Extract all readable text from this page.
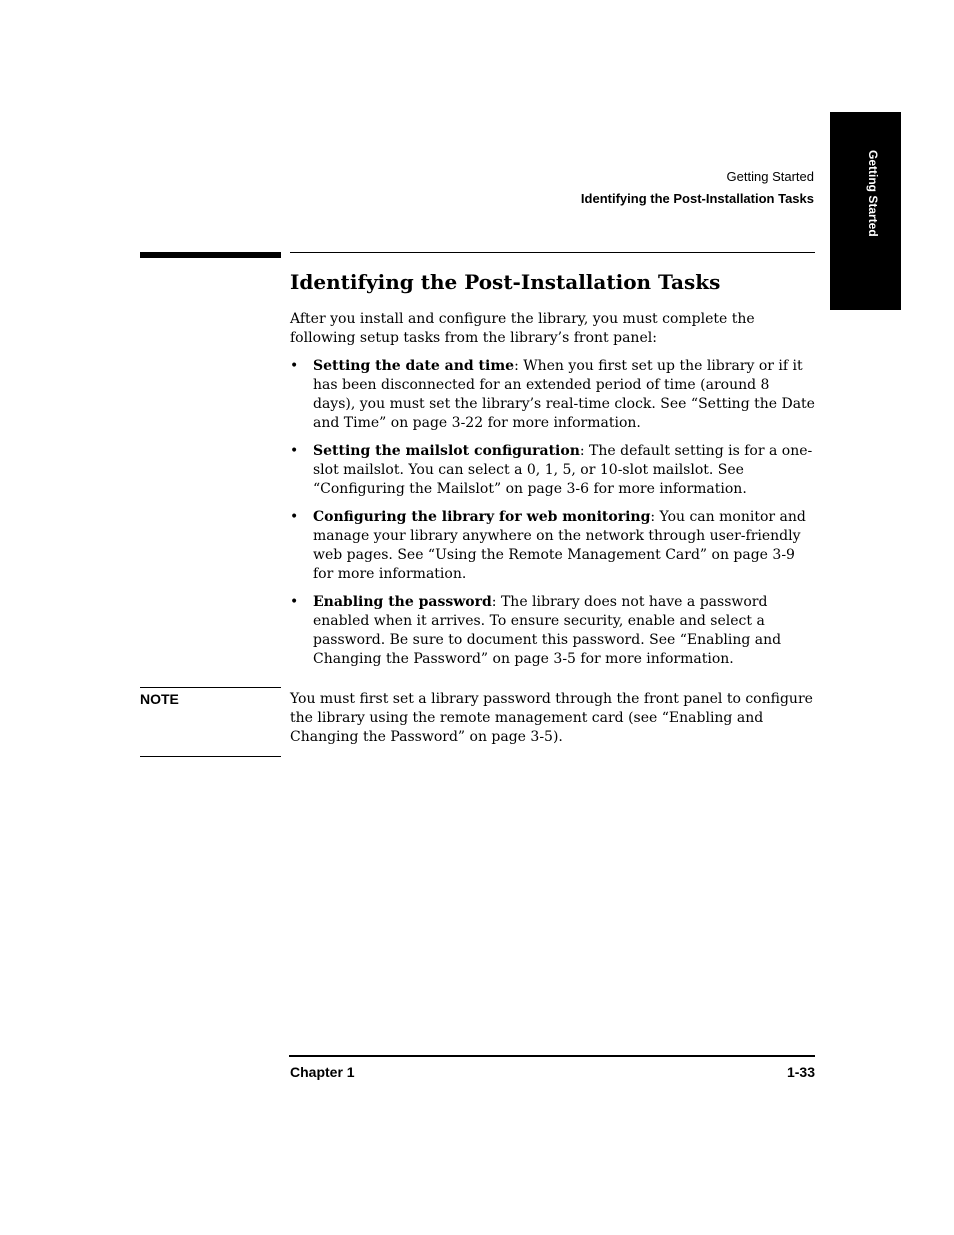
Getting Started
Getting Started
Identifying the Post-Installation Tasks
Identifying the Post-Installation Tasks

After you install and configure the library, you must complete the following setup tasks from the library’s front panel:

• Setting the date and time: When you first set up the library or if it has been disconnected for an extended period of time (around 8 days), you must set the library’s real-time clock. See “Setting the Date and Time” on page 3-22 for more information.
• Setting the mailslot configuration: The default setting is for a one-slot mailslot. You can select a 0, 1, 5, or 10-slot mailslot. See “Configuring the Mailslot” on page 3-6 for more information.
• Configuring the library for web monitoring: You can monitor and manage your library anywhere on the network through user-friendly web pages. See “Using the Remote Management Card” on page 3-9 for more information.
• Enabling the password: The library does not have a password enabled when it arrives. To ensure security, enable and select a password. Be sure to document this password. See “Enabling and Changing the Password” on page 3-5 for more information.
NOTE	You must first set a library password through the front panel to configure the library using the remote management card (see “Enabling and Changing the Password” on page 3-5).

Chapter 1	1-33
